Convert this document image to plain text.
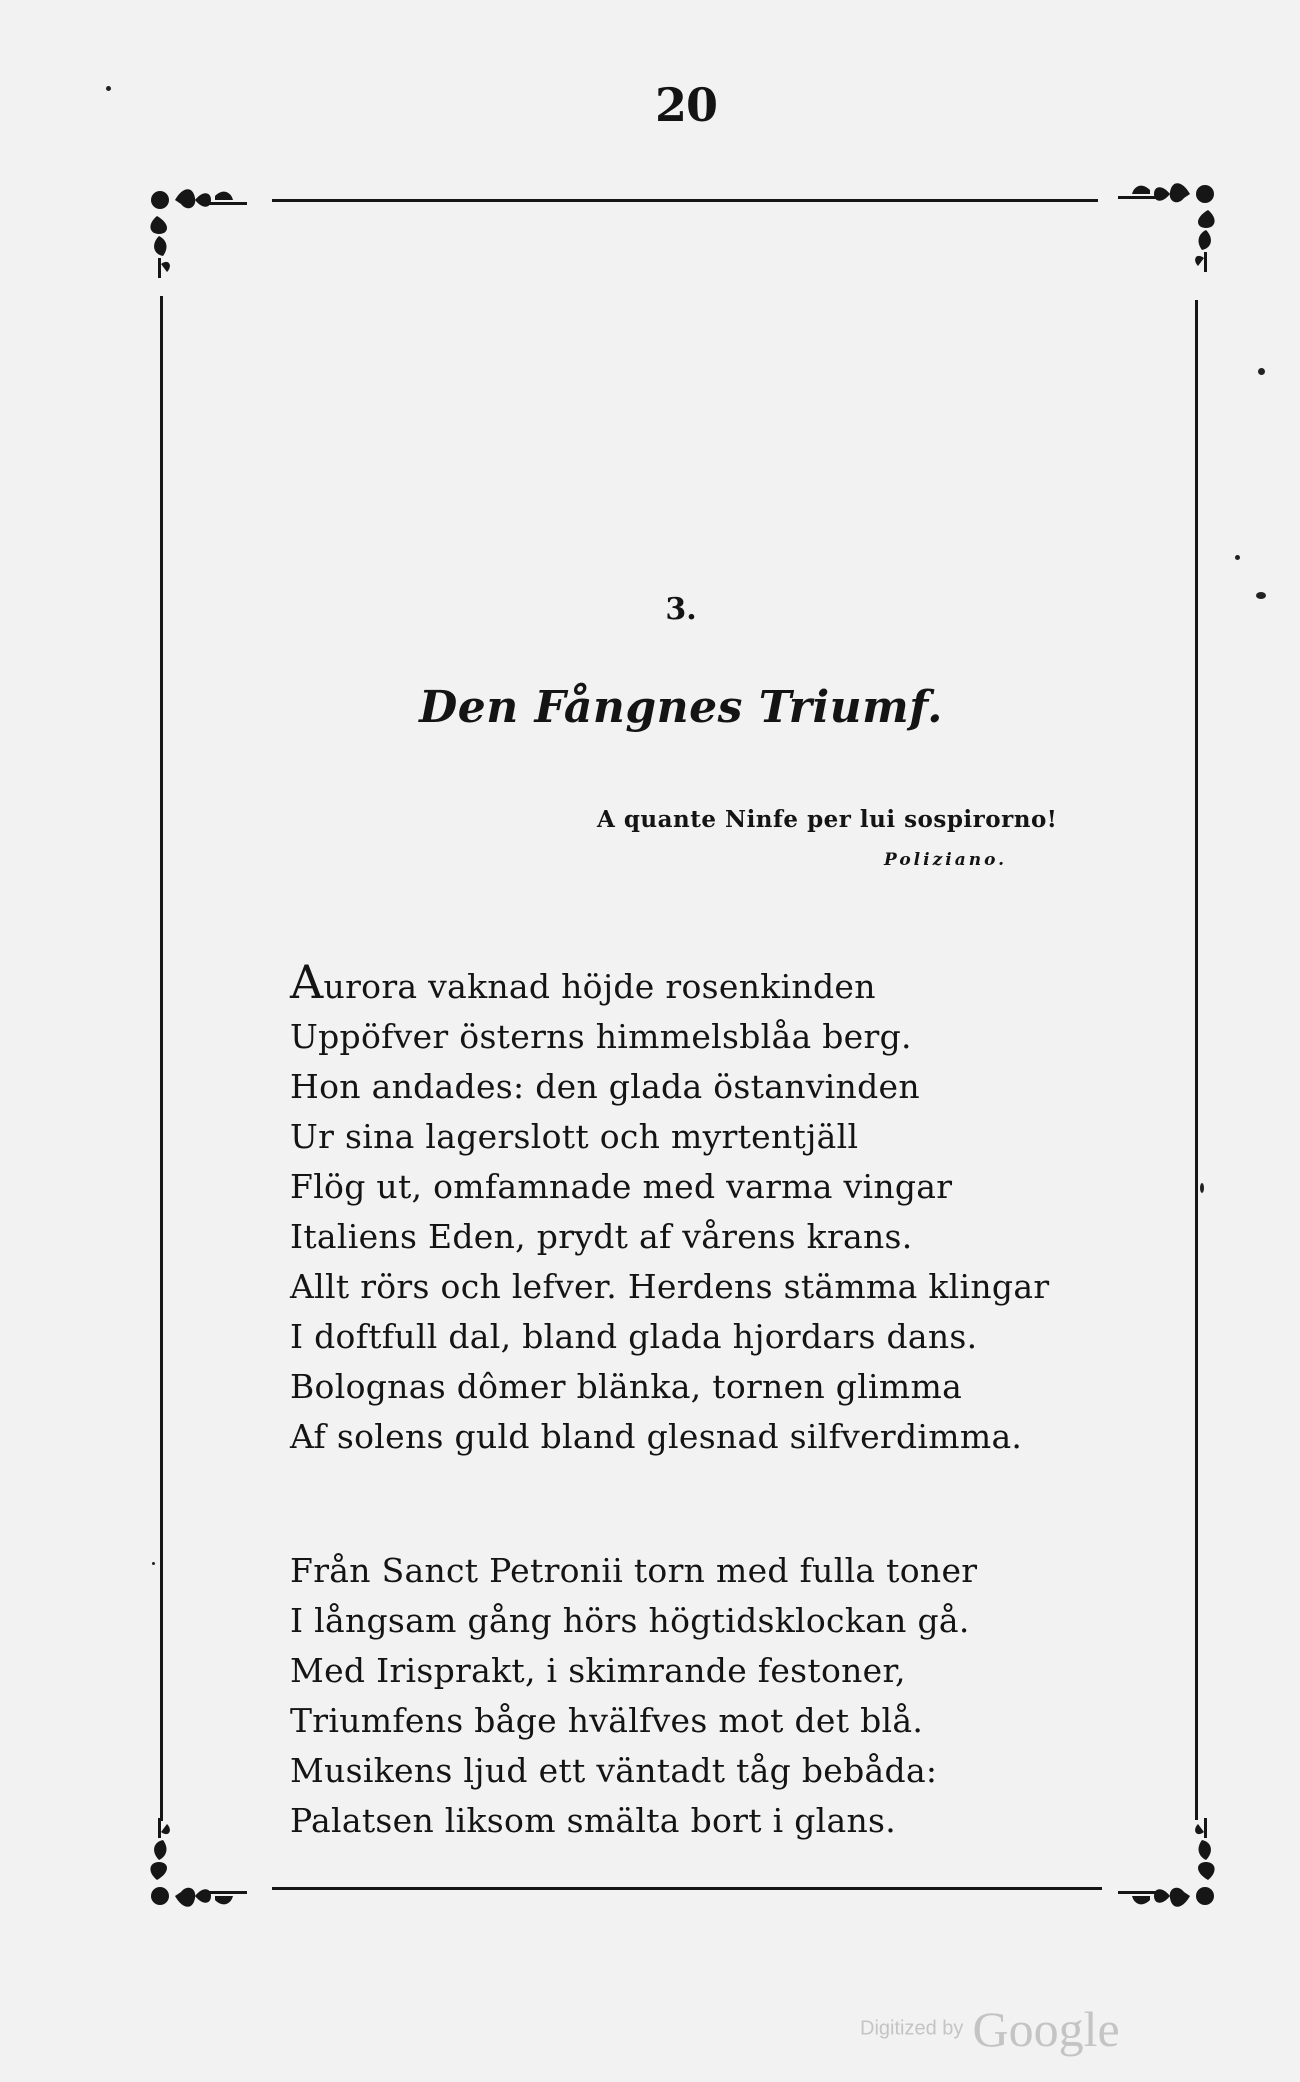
20
3.
Den Fångnes Triumf.
A quante Ninfe per lui sospirorno!
Poliziano.
Aurora vaknad höjde rosenkinden
Uppöfver österns himmelsblåa berg.
Hon andades: den glada östanvinden
Ur sina lagerslott och myrtentjäll
Flög ut, omfamnade med varma vingar
Italiens Eden, prydt af vårens krans.
Allt rörs och lefver. Herdens stämma klingar
I doftfull dal, bland glada hjordars dans.
Bolognas dômer blänka, tornen glimma
Af solens guld bland glesnad silfverdimma.
Från Sanct Petronii torn med fulla toner
I långsam gång hörs högtidsklockan gå.
Med Irisprakt, i skimrande festoner,
Triumfens båge hvälfves mot det blå.
Musikens ljud ett väntadt tåg bebåda:
Palatsen liksom smälta bort i glans.
Digitized by Google
